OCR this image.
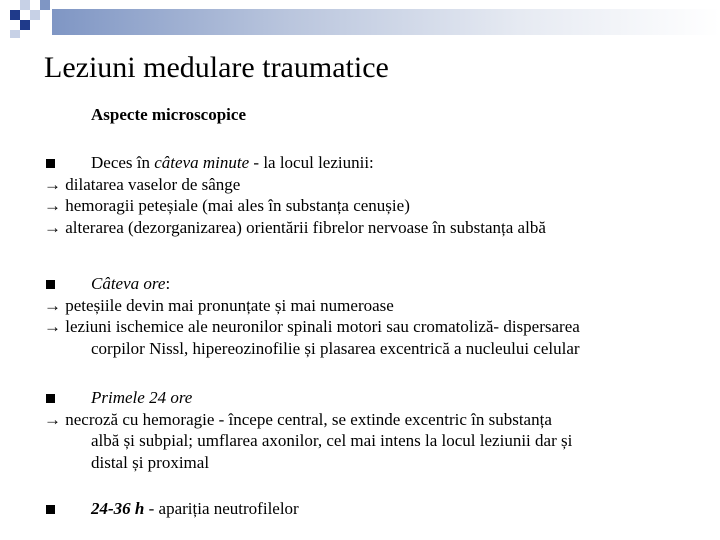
Leziuni medulare traumatice
Aspecte microscopice
Deces în câteva minute - la locul leziunii:
→ dilatarea vaselor de sânge
→ hemoragii peteșiale (mai ales în substanța cenușie)
→ alterarea (dezorganizarea) orientării fibrelor nervoase în substanța albă
Câteva ore:
→ peteșiile devin mai pronunțate și mai numeroase
→ leziuni ischemice ale neuronilor spinali motori sau cromatoliză- dispersarea
corpilor Nissl, hipereozinofilie și plasarea excentrică a nucleului celular
Primele 24 ore
→ necroză cu hemoragie - începe central, se extinde excentric în substanța
albă și subpial; umflarea axonilor, cel mai intens la locul leziunii dar și
distal și proximal
24-36 h - apariția neutrofilelor
